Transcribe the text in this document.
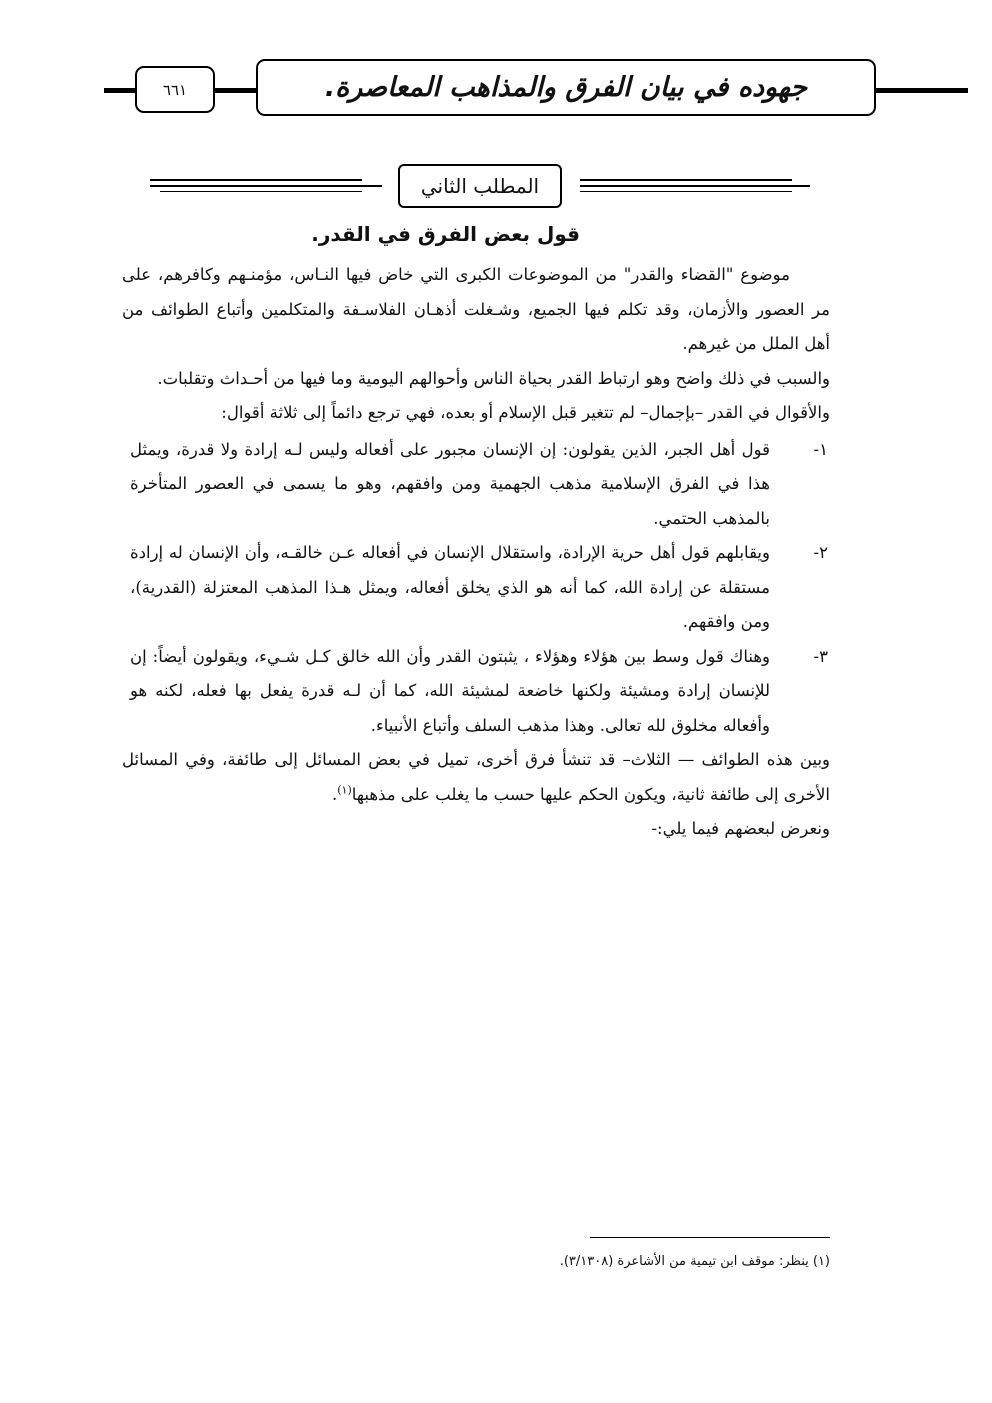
٦٦١	جهوده في بيان الفرق والمذاهب المعاصرة.
المطلب الثاني
قول بعض الفرق في القدر.

موضوع "القضاء والقدر" من الموضوعات الكبرى التي خاض فيها النـاس، مؤمنـهم وكافرهم، على مر العصور والأزمان، وقد تكلم فيها الجميع، وشـغلت أذهـان الفلاسـفة والمتكلمين وأتباع الطوائف من أهل الملل من غيرهم.

والسبب في ذلك واضح وهو ارتباط القدر بحياة الناس وأحوالهم اليومية وما فيها من أحـداث وتقلبات.

والأقوال في القدر –بإجمال– لم تتغير قبل الإسلام أو بعده، فهي ترجع دائماً إلى ثلاثة أقوال:

١-
قول أهل الجبر، الذين يقولون: إن الإنسان مجبور على أفعاله وليس لـه إرادة ولا قدرة، ويمثل هذا في الفرق الإسلامية مذهب الجهمية ومن وافقهم، وهو ما يسمى في العصور المتأخرة بالمذهب الحتمي.
٢-
ويقابلهم قول أهل حرية الإرادة، واستقلال الإنسان في أفعاله عـن خالقـه، وأن الإنسان له إرادة مستقلة عن إرادة الله، كما أنه هو الذي يخلق أفعاله، ويمثل هـذا المذهب المعتزلة (القدرية)، ومن وافقهم.
٣-
وهناك قول وسط بين هؤلاء وهؤلاء ، يثبتون القدر وأن الله خالق كـل شـيء، ويقولون أيضاً: إن للإنسان إرادة ومشيئة ولكنها خاضعة لمشيئة الله، كما أن لـه قدرة يفعل بها فعله، لكنه هو وأفعاله مخلوق لله تعالى. وهذا مذهب السلف وأتباع الأنبياء.

وبين هذه الطوائف — الثلاث– قد تنشأ فرق أخرى، تميل في بعض المسائل إلى طائفة، وفي المسائل الأخرى إلى طائفة ثانية، ويكون الحكم عليها حسب ما يغلب على مذهبها$^{(١)}$.

ونعرض لبعضهم فيما يلي:-

(١) ينظر: موقف ابن تيمية من الأشاعرة (٣/١٣٠٨).
